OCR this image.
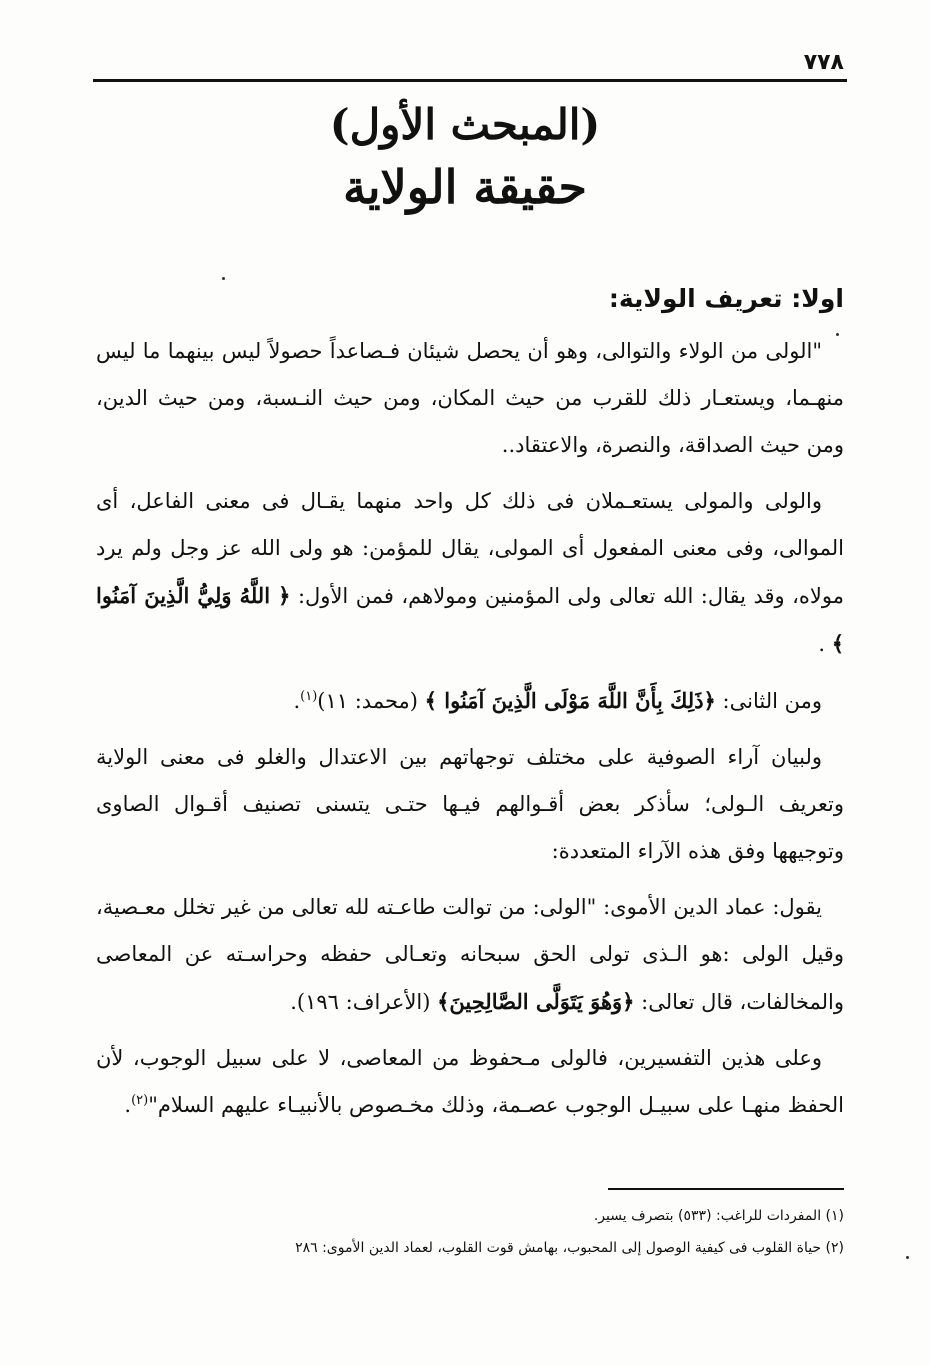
٧٧٨
(المبحث الأول)
حقيقة الولاية
اولا: تعريف الولاية:

"الولى من الولاء والتوالى، وهو أن يحصل شيئان فـصاعداً حصولاً ليس بينهما ما ليس منهـما، ويستعـار ذلك للقرب من حيث المكان، ومن حيث النـسبة، ومن حيث الدين، ومن حيث الصداقة، والنصرة، والاعتقاد..

والولى والمولى يستعـملان فى ذلك كل واحد منهما يقـال فى معنى الفاعل، أى الموالى، وفى معنى المفعول أى المولى، يقال للمؤمن: هو ولى الله عز وجل ولم يرد مولاه، وقد يقال: الله تعالى ولى المؤمنين ومولاهم، فمن الأول: ﴿ اللَّهُ وَلِيُّ الَّذِينَ آمَنُوا ﴾ .

ومن الثانى: ﴿ذَلِكَ بِأَنَّ اللَّهَ مَوْلَى الَّذِينَ آمَنُوا ﴾ (محمد: ١١)$^{(١)}$.

ولبيان آراء الصوفية على مختلف توجهاتهم بين الاعتدال والغلو فى معنى الولاية وتعريف الـولى؛ سأذكر بعض أقـوالهم فيـها حتـى يتسنى تصنيف أقـوال الصاوى وتوجيهها وفق هذه الآراء المتعددة:

يقول: عماد الدين الأموى: "الولى: من توالت طاعـته لله تعالى من غير تخلل معـصية، وقيل الولى :هو الـذى تولى الحق سبحانه وتعـالى حفظه وحراسـته عن المعاصى والمخالفات، قال تعالى: ﴿وَهُوَ يَتَوَلَّى الصَّالِحِينَ﴾ (الأعراف: ١٩٦).

وعلى هذين التفسيرين، فالولى مـحفوظ من المعاصى، لا على سبيل الوجوب، لأن الحفظ منهـا على سبيـل الوجوب عصـمة، وذلك مخـصوص بالأنبيـاء عليهم السلام"$^{(٢)}$.

(١) المفردات للراغب: (٥٣٣) بتصرف يسير.
(٢) حياة القلوب فى كيفية الوصول إلى المحبوب، بهامش قوت القلوب، لعماد الدين الأموى: ٢٨٦
